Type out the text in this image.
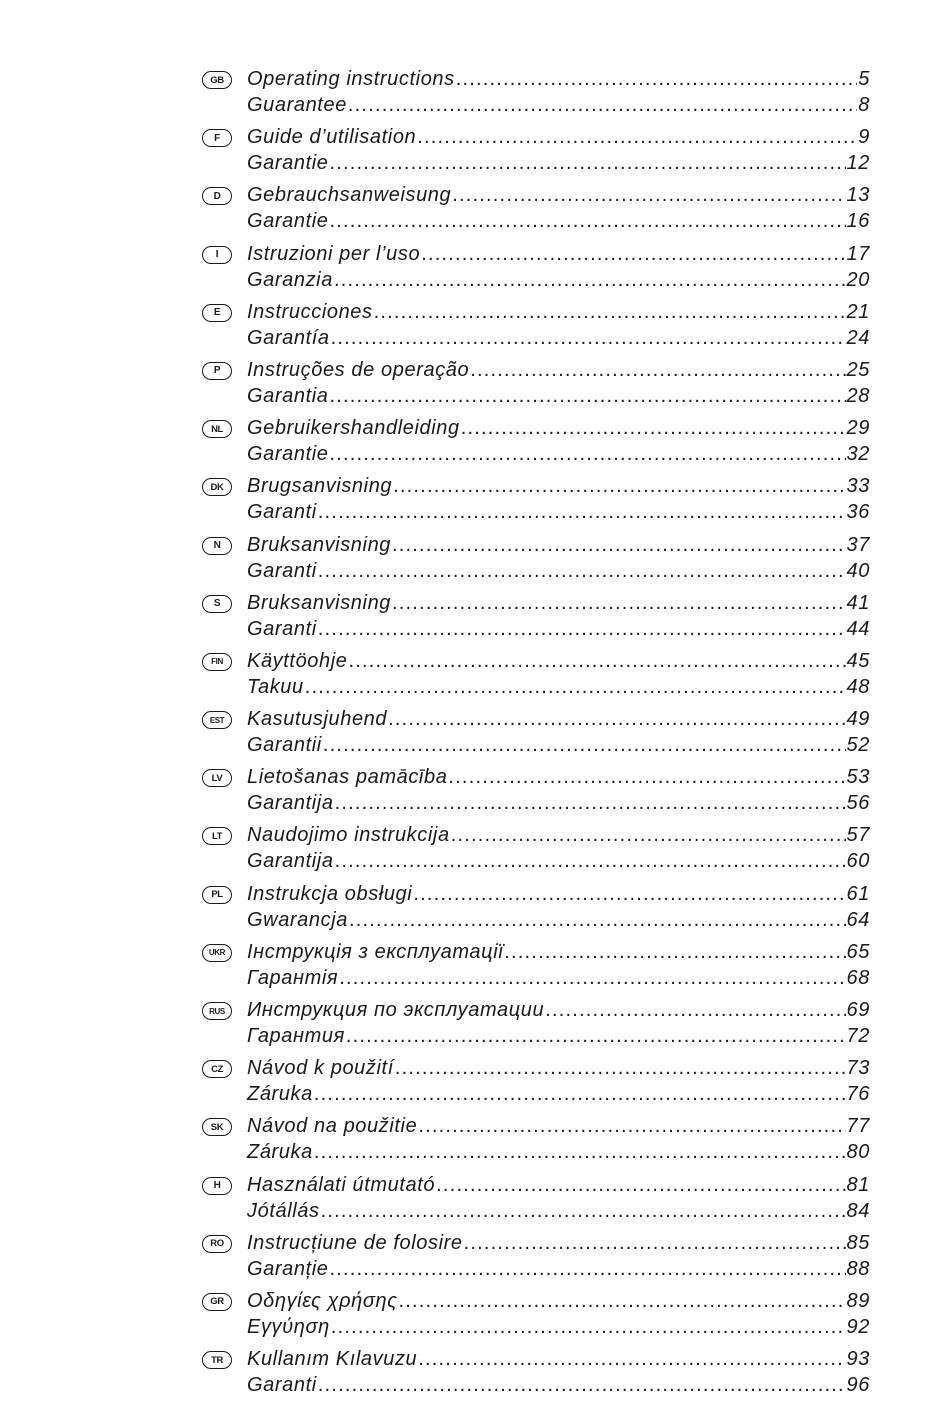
GB	Operating instructions .....	5
Guarantee .....	8
F	Guide d’utilisation .....	9
Garantie .....	12
D	Gebrauchsanweisung .....	13
Garantie .....	16
I	Istruzioni per l’uso .....	17
Garanzia .....	20
E	Instrucciones .....	21
Garantía .....	24
P	Instruções de operação .....	25
Garantia .....	28
NL	Gebruikershandleiding .....	29
Garantie .....	32
DK	Brugsanvisning .....	33
Garanti .....	36
N	Bruksanvisning .....	37
Garanti .....	40
S	Bruksanvisning .....	41
Garanti .....	44
FIN	Käyttöohje .....	45
Takuu .....	48
EST	Kasutusjuhend .....	49
Garantii .....	52
LV	Lietošanas pamācība .....	53
Garantija .....	56
LT	Naudojimo instrukcija .....	57
Garantija .....	60
PL	Instrukcja obsługi .....	61
Gwarancja .....	64
UKR	Інструкція з експлуатації .....	65
Гарантія .....	68
RUS	Инструкция по эксплуатации .....	69
Гарантия .....	72
CZ	Návod k použití .....	73
Záruka .....	76
SK	Návod na použitie .....	77
Záruka .....	80
H	Használati útmutató .....	81
Jótállás .....	84
RO	Instrucțiune de folosire .....	85
Garanție .....	88
GR	Οδηγίες χρήσης .....	89
Εγγύηση .....	92
TR	Kullanım Kılavuzu .....	93
Garanti .....	96
